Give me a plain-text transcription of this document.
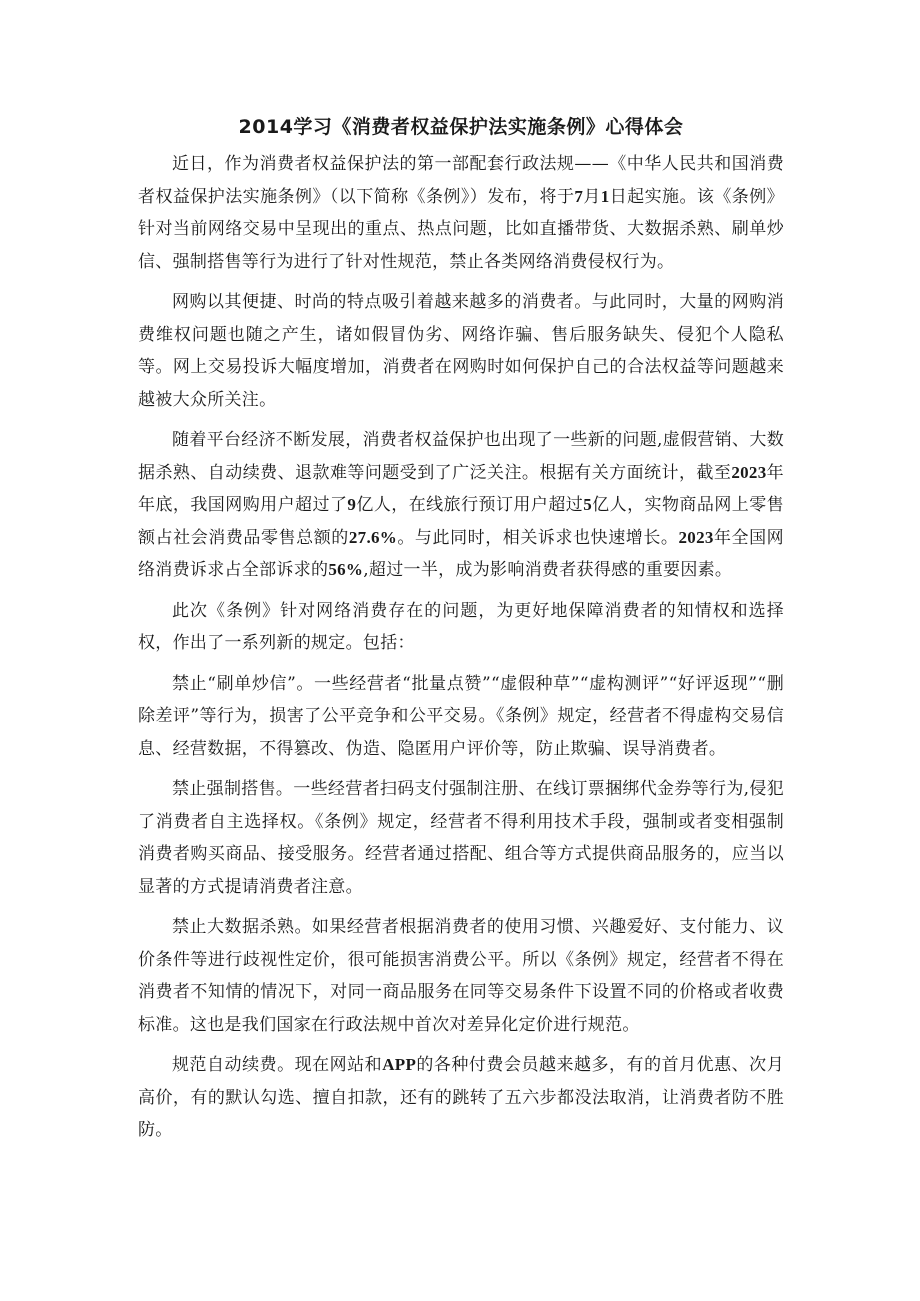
2014学习《消费者权益保护法实施条例》心得体会

近日，作为消费者权益保护法的第一部配套行政法规——《中华人民共和国消费者权益保护法实施条例》（以下简称《条例》）发布，将于7月1日起实施。该《条例》针对当前网络交易中呈现出的重点、热点问题，比如直播带货、大数据杀熟、刷单炒信、强制搭售等行为进行了针对性规范，禁止各类网络消费侵权行为。

网购以其便捷、时尚的特点吸引着越来越多的消费者。与此同时，大量的网购消费维权问题也随之产生，诸如假冒伪劣、网络诈骗、售后服务缺失、侵犯个人隐私等。网上交易投诉大幅度增加，消费者在网购时如何保护自己的合法权益等问题越来越被大众所关注。

随着平台经济不断发展，消费者权益保护也出现了一些新的问题,虚假营销、大数据杀熟、自动续费、退款难等问题受到了广泛关注。根据有关方面统计，截至2023年年底，我国网购用户超过了9亿人，在线旅行预订用户超过5亿人，实物商品网上零售额占社会消费品零售总额的27.6%。与此同时，相关诉求也快速增长。2023年全国网络消费诉求占全部诉求的56%,超过一半，成为影响消费者获得感的重要因素。

此次《条例》针对网络消费存在的问题，为更好地保障消费者的知情权和选择权，作出了一系列新的规定。包括：

禁止“刷单炒信”。一些经营者“批量点赞”“虚假种草”“虚构测评”“好评返现”“删除差评”等行为，损害了公平竞争和公平交易。《条例》规定，经营者不得虚构交易信息、经营数据，不得篡改、伪造、隐匿用户评价等，防止欺骗、误导消费者。

禁止强制搭售。一些经营者扫码支付强制注册、在线订票捆绑代金券等行为,侵犯了消费者自主选择权。《条例》规定，经营者不得利用技术手段，强制或者变相强制消费者购买商品、接受服务。经营者通过搭配、组合等方式提供商品服务的，应当以显著的方式提请消费者注意。

禁止大数据杀熟。如果经营者根据消费者的使用习惯、兴趣爱好、支付能力、议价条件等进行歧视性定价，很可能损害消费公平。所以《条例》规定，经营者不得在消费者不知情的情况下，对同一商品服务在同等交易条件下设置不同的价格或者收费标准。这也是我们国家在行政法规中首次对差异化定价进行规范。

规范自动续费。现在网站和APP的各种付费会员越来越多，有的首月优惠、次月高价，有的默认勾选、擅自扣款，还有的跳转了五六步都没法取消，让消费者防不胜防。
